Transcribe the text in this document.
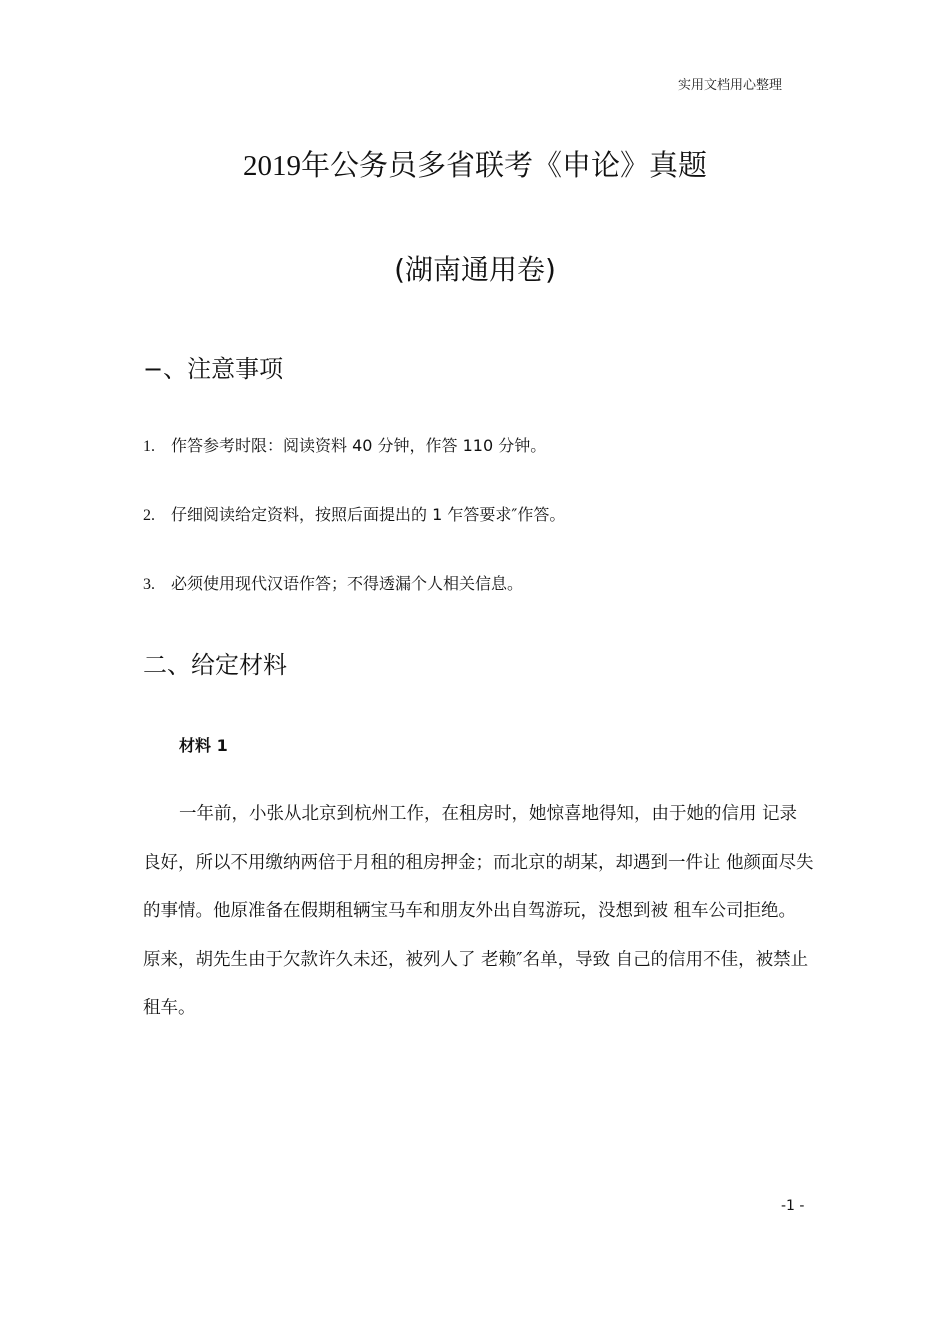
实用文档用心整理
2019年公务员多省联考《申论》真题
(湖南通用卷)
−、注意事项
1. 作答参考时限：阅读资料 40 分钟，作答 110 分钟。
2. 仔细阅读给定资料，按照后面提出的 1 乍答要求″作答。
3. 必须使用现代汉语作答；不得透漏个人相关信息。
二、给定材料
材料 1
一年前，小张从北京到杭州工作，在租房时，她惊喜地得知，由于她的信用 记录
良好，所以不用缴纳两倍于月租的租房押金；而北京的胡某，却遇到一件让 他颜面尽失
的事情。他原准备在假期租辆宝马车和朋友外出自驾游玩，没想到被 租车公司拒绝。
原来，胡先生由于欠款许久未还，被列人了 老赖″名单，导致 自己的信用不佳，被禁止
租车。
-1 -
